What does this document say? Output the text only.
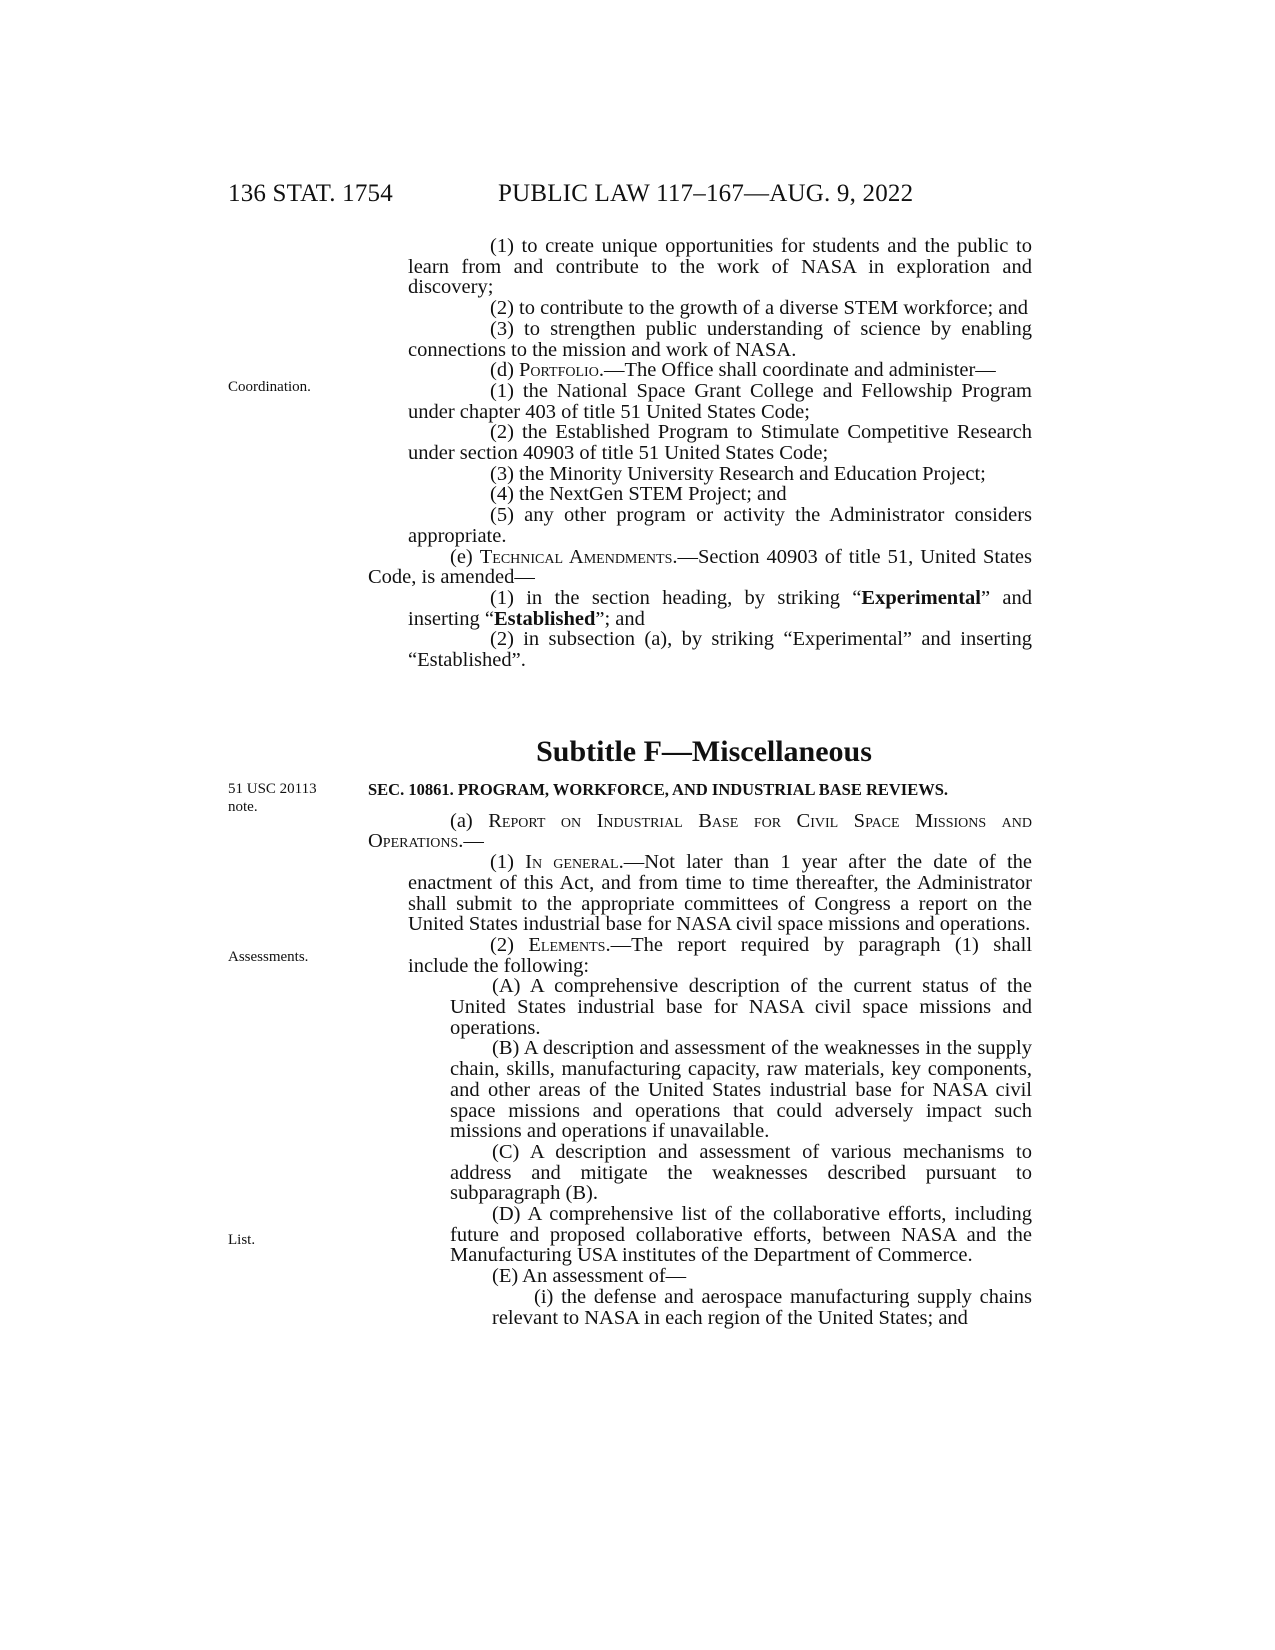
136 STAT. 1754	PUBLIC LAW 117–167—AUG. 9, 2022
Coordination.
51 USC 20113
note.
Assessments.
List.

(1) to create unique opportunities for students and the public to learn from and contribute to the work of NASA in exploration and discovery;

(2) to contribute to the growth of a diverse STEM workforce; and

(3) to strengthen public understanding of science by enabling connections to the mission and work of NASA.

(d) Portfolio.—The Office shall coordinate and administer—

(1) the National Space Grant College and Fellowship Program under chapter 403 of title 51 United States Code;

(2) the Established Program to Stimulate Competitive Research under section 40903 of title 51 United States Code;

(3) the Minority University Research and Education Project;

(4) the NextGen STEM Project; and

(5) any other program or activity the Administrator considers appropriate.

(e) Technical Amendments.—Section 40903 of title 51, United States Code, is amended—

(1) in the section heading, by striking “Experimental” and inserting “Established”; and

(2) in subsection (a), by striking “Experimental” and inserting “Established”.

Subtitle F—Miscellaneous

SEC. 10861. PROGRAM, WORKFORCE, AND INDUSTRIAL BASE REVIEWS.

(a) Report on Industrial Base for Civil Space Missions and Operations.—

(1) In general.—Not later than 1 year after the date of the enactment of this Act, and from time to time thereafter, the Administrator shall submit to the appropriate committees of Congress a report on the United States industrial base for NASA civil space missions and operations.

(2) Elements.—The report required by paragraph (1) shall include the following:

(A) A comprehensive description of the current status of the United States industrial base for NASA civil space missions and operations.

(B) A description and assessment of the weaknesses in the supply chain, skills, manufacturing capacity, raw materials, key components, and other areas of the United States industrial base for NASA civil space missions and operations that could adversely impact such missions and operations if unavailable.

(C) A description and assessment of various mechanisms to address and mitigate the weaknesses described pursuant to subparagraph (B).

(D) A comprehensive list of the collaborative efforts, including future and proposed collaborative efforts, between NASA and the Manufacturing USA institutes of the Department of Commerce.

(E) An assessment of—

(i) the defense and aerospace manufacturing supply chains relevant to NASA in each region of the United States; and
